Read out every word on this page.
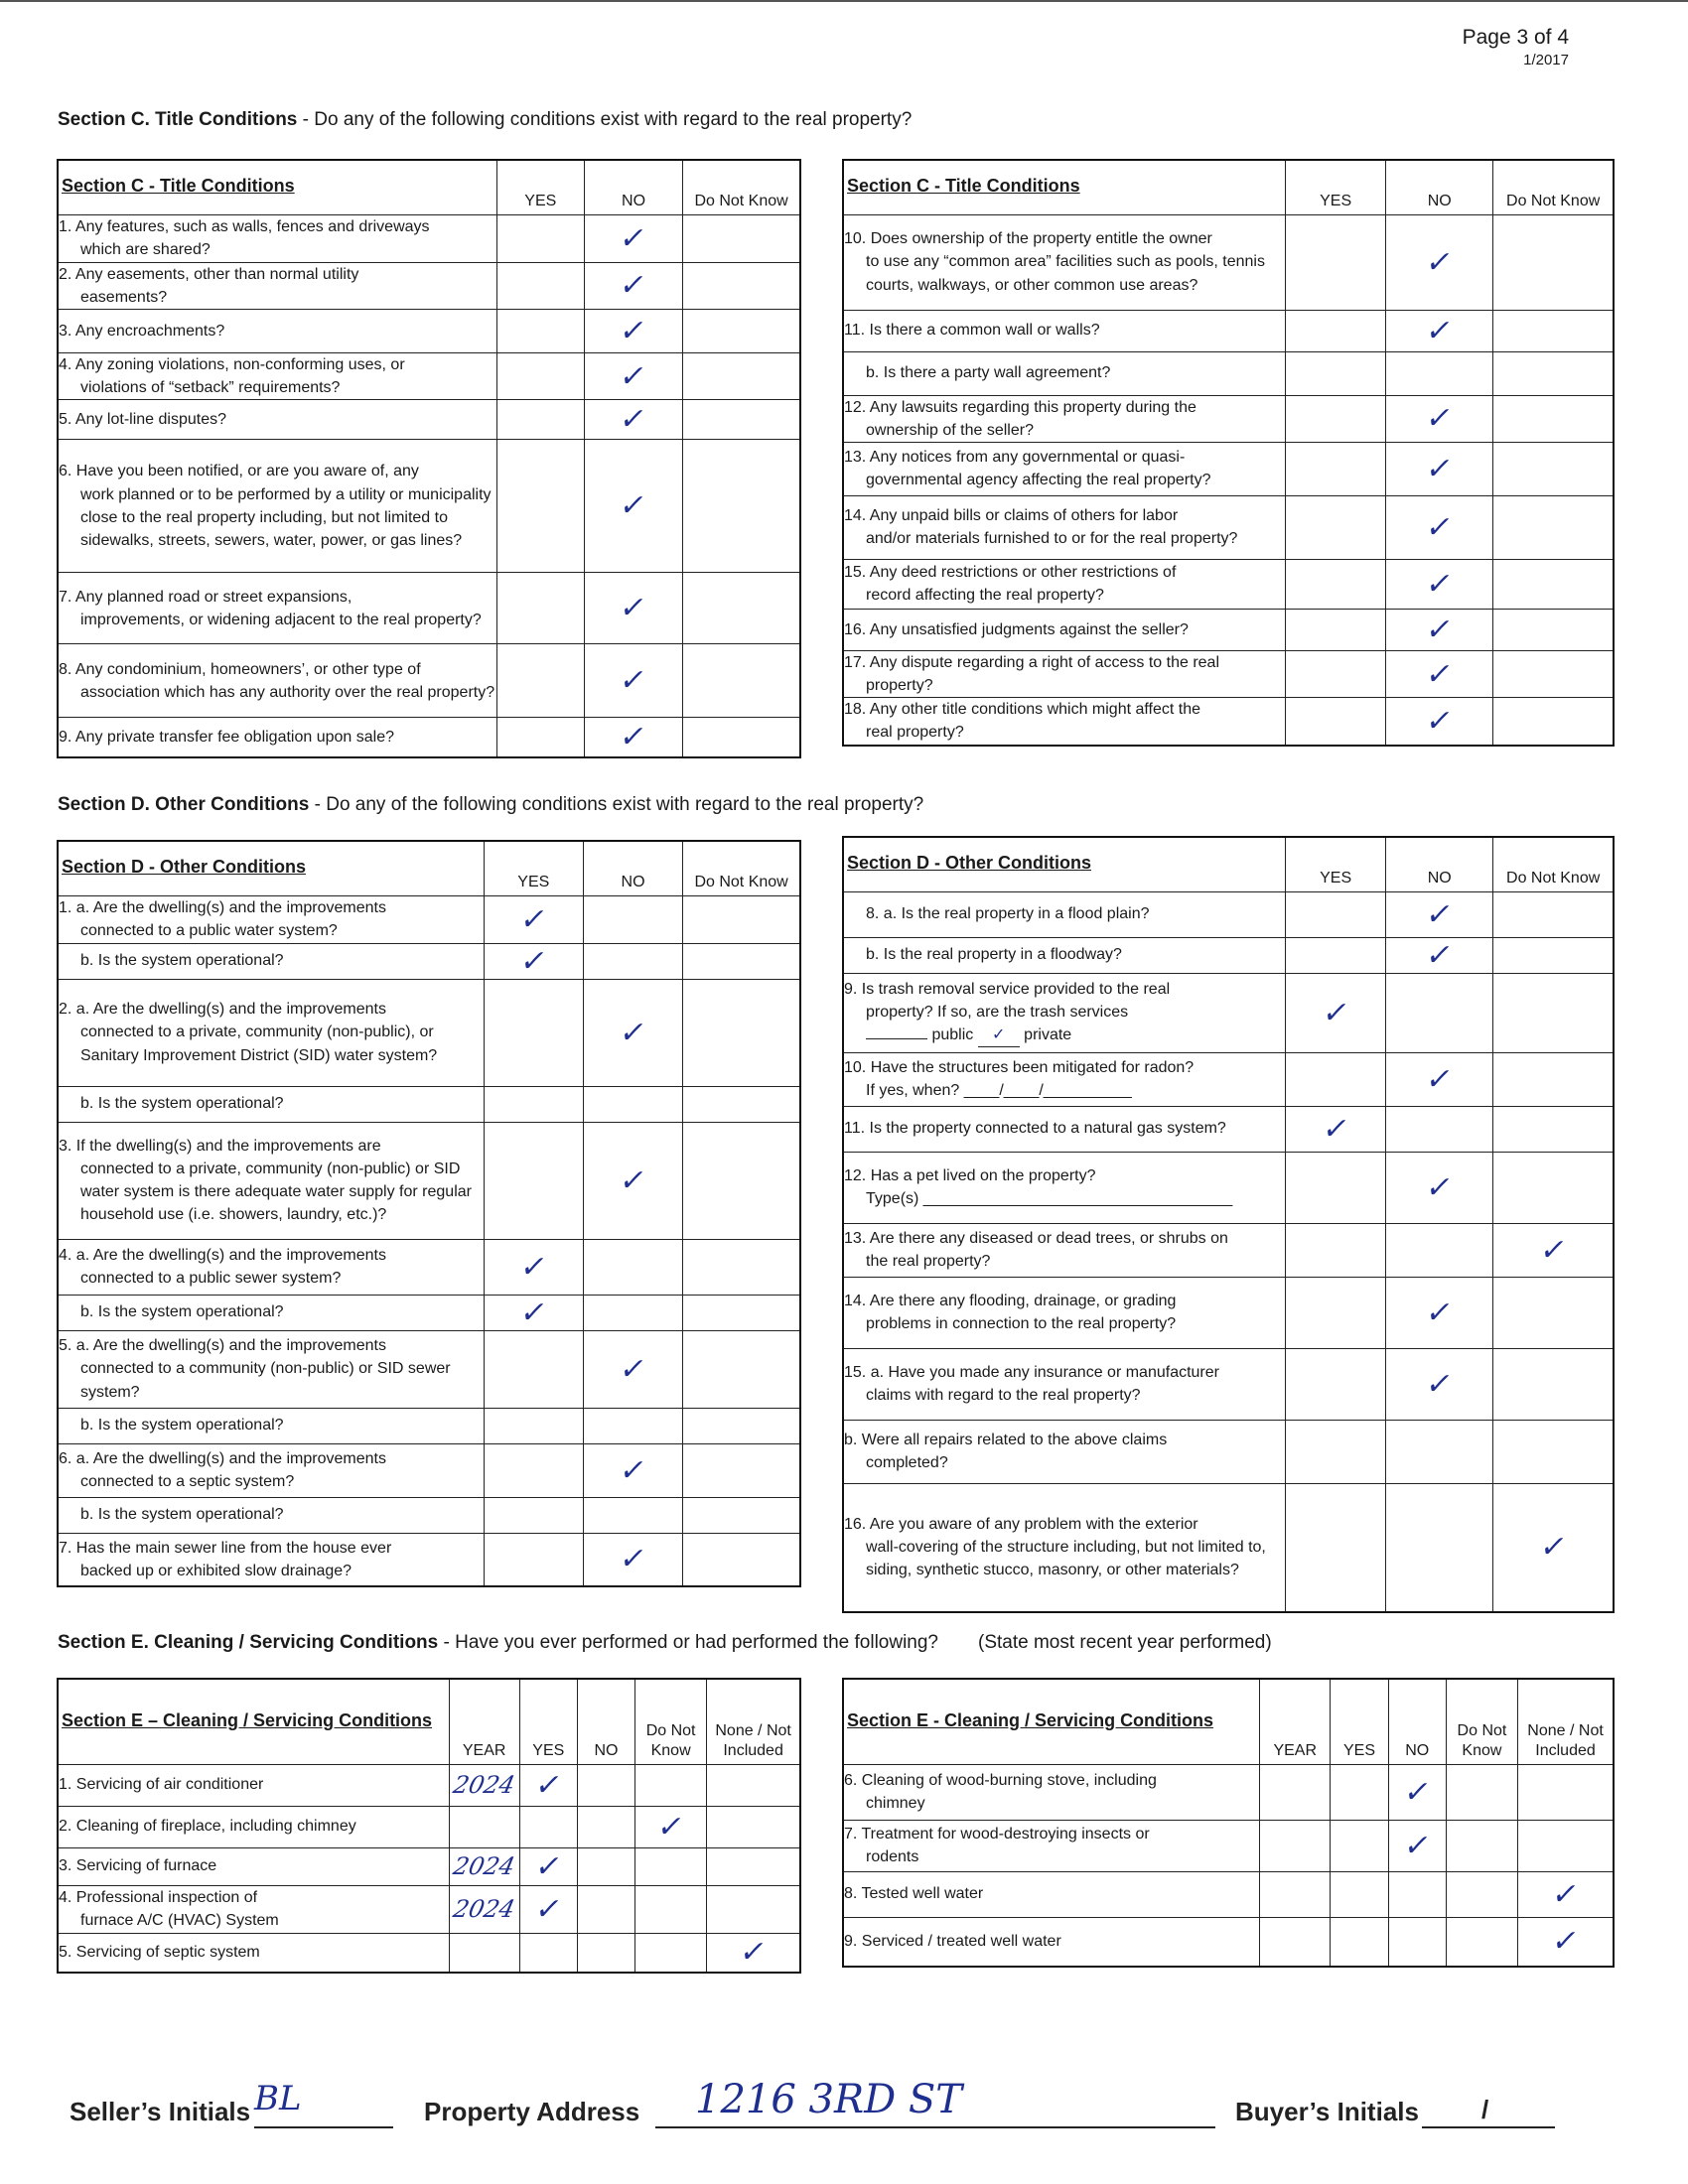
Page 3 of 4
1/2017
Section C. Title Conditions - Do any of the following conditions exist with regard to the real property?
Section C - Title Conditions	YES	NO	Do Not Know
1. Any features, such as walls, fences and driveways
which are shared?		✓	
2. Any easements, other than normal utility
easements?		✓	
3. Any encroachments?		✓	
4. Any zoning violations, non-conforming uses, or
violations of “setback” requirements?		✓	
5. Any lot-line disputes?		✓	
6. Have you been notified, or are you aware of, any
work planned or to be performed by a utility or municipality close to the real property including, but not limited to sidewalks, streets, sewers, water, power, or gas lines?		✓	
7. Any planned road or street expansions,
improvements, or widening adjacent to the real property?		✓	
8. Any condominium, homeowners’, or other type of
association which has any authority over the real property?		✓	
9. Any private transfer fee obligation upon sale?		✓	
Section C - Title Conditions	YES	NO	Do Not Know
10. Does ownership of the property entitle the owner
to use any “common area” facilities such as pools, tennis courts, walkways, or other common use areas?		✓	
11. Is there a common wall or walls?		✓	

b. Is there a party wall agreement?			

12. Any lawsuits regarding this property during the
ownership of the seller?		✓	
13. Any notices from any governmental or quasi-
governmental agency affecting the real property?		✓	
14. Any unpaid bills or claims of others for labor
and/or materials furnished to or for the real property?		✓	
15. Any deed restrictions or other restrictions of
record affecting the real property?		✓	
16. Any unsatisfied judgments against the seller?		✓	
17. Any dispute regarding a right of access to the real
property?		✓	
18. Any other title conditions which might affect the
real property?		✓	
Section D. Other Conditions - Do any of the following conditions exist with regard to the real property?
Section D - Other Conditions	YES	NO	Do Not Know
1. a. Are the dwelling(s) and the improvements
connected to a public water system?	✓		

b. Is the system operational?	✓		
2. a. Are the dwelling(s) and the improvements
connected to a private, community (non-public), or Sanitary Improvement District (SID) water system?		✓	

b. Is the system operational?			

3. If the dwelling(s) and the improvements are
connected to a private, community (non-public) or SID water system is there adequate water supply for regular household use (i.e. showers, laundry, etc.)?		✓	
4. a. Are the dwelling(s) and the improvements
connected to a public sewer system?	✓		

b. Is the system operational?	✓		
5. a. Are the dwelling(s) and the improvements
connected to a community (non-public) or SID sewer system?		✓	

b. Is the system operational?			

6. a. Are the dwelling(s) and the improvements
connected to a septic system?		✓	

b. Is the system operational?			

7. Has the main sewer line from the house ever
backed up or exhibited slow drainage?		✓	
Section D - Other Conditions	YES	NO	Do Not Know

8. a. Is the real property in a flood plain?		✓	

b. Is the real property in a floodway?		✓	
9. Is trash removal service provided to the real
property? If so, are the trash services
public ✓ private	✓		
10. Have the structures been mitigated for radon?
If yes, when? ____/____/__________		✓	
11. Is the property connected to a natural gas system?	✓		
12. Has a pet lived on the property?
Type(s) ___________________________________		✓	
13. Are there any diseased or dead trees, or shrubs on
the real property?			✓
14. Are there any flooding, drainage, or grading
problems in connection to the real property?		✓	
15. a. Have you made any insurance or manufacturer
claims with regard to the real property?		✓	
b. Were all repairs related to the above claims
completed?			

16. Are you aware of any problem with the exterior
wall-covering of the structure including, but not limited to, siding, synthetic stucco, masonry, or other materials?			✓
Section E. Cleaning / Servicing Conditions - Have you ever performed or had performed the following? (State most recent year performed)
Section E – Cleaning / Servicing Conditions	YEAR	YES	NO	Do Not Know	None / Not Included
1. Servicing of air conditioner	2024	✓			
2. Cleaning of fireplace, including chimney				✓	
3. Servicing of furnace	2024	✓			
4. Professional inspection of
furnace A/C (HVAC) System	2024	✓			
5. Servicing of septic system					✓
Section E - Cleaning / Servicing Conditions	YEAR	YES	NO	Do Not Know	None / Not Included
6. Cleaning of wood-burning stove, including
chimney			✓		
7. Treatment for wood-destroying insects or
rodents			✓		
8. Tested well water					✓
9. Serviced / treated well water					✓
Seller’s Initials BL	Property Address 1216 3RD ST	Buyer’s Initials /
